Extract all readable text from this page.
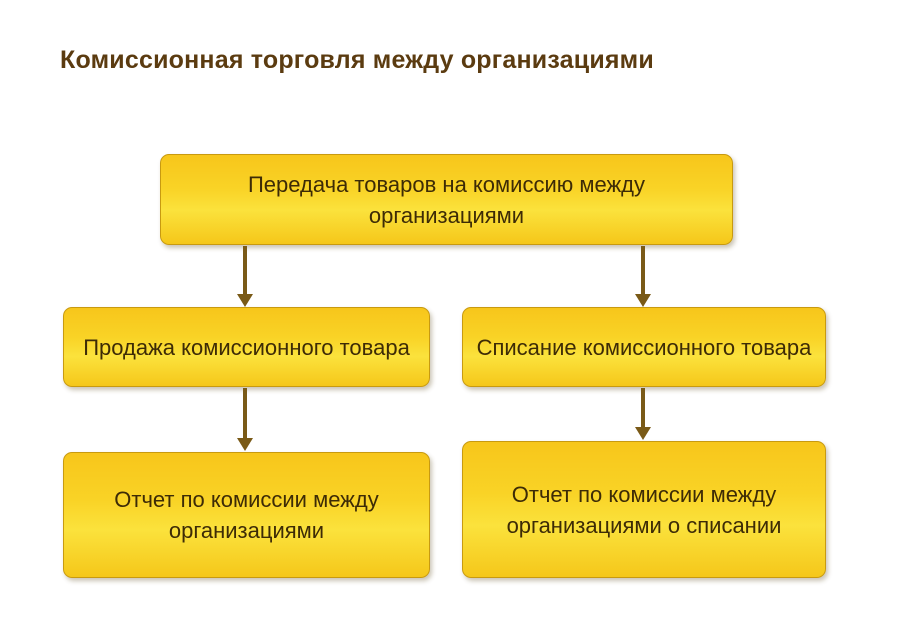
Комиссионная торговля между организациями
Передача товаров на комиссию между организациями
Продажа комиссионного товара	Списание комиссионного товара
Отчет по комиссии между организациями
Отчет по комиссии между организациями о списании
